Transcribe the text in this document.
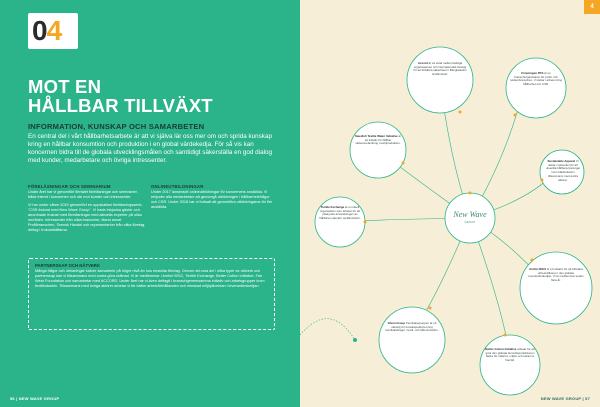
04
MOT EN
HÅLLBAR TILLVÄXT
INFORMATION, KUNSKAP OCH SAMARBETEN
En central del i vårt hållbarhetsarbete är att vi själva lär oss mer om och sprida kunskap kring en hållbar konsumtion och produktion i en global värdekedja. För så vis kan koncernen bidra till de globala utvecklingsmålen och samtidigt säkerställa en god dialog med kunder, medarbetare och övriga intressenter.
FÖRELÄSNINGAR OCH SEMINARIUM

Under året har vi genomfört flertalet föreläsningar och seminarier, både internt i koncernen och ute mot kunder och intressenter.

Vi har under våren 2019 genomfört en uppskattad föreläsningsserie, "CSR-frukost med New Wave Group". Vi hade inbjudna gäster och anordnade frukost med föreläsningar med aktuella experter på olika områden. Intressenter från olika branscher, bland annat Profilbranschen, Svensk Handel och representanter från olika företag, deltog i frukostträffarna.

ONLINEUTBILDNINGAR

Under 2017 lanserade onlineutbildningar för koncernens anställda. Vi erbjuder alla medarbetare att genomgå utbildningen i hållbarhetsfrågor och CSR. Under 2018 har vi fortsatt att genomföra utbildningarna för fler anställda.

PARTNERSKAP OCH NÄTVERK

Många frågor och utmaningar kräver samarbete på högre nivå än hos enskilda företag. Genom att vara del i olika typer av nätverk och partnerskap kan vi tillsammans med andra göra skillnad. Vi är medlemmar i Amfori BSCI, Textile Exchange, Better Cotton Initiative, Fair Wear Foundation och samarbetar med ACCORD. Under året har vi även deltagit i branschgemensamma initiativ och arbetsgrupper inom textilindustrin. Tillsammans med övriga aktörer arbetar vi för bättre arbetsförhållanden och minskad miljöpåverkan i leverantörskedjan.

56 | NEW WAVE GROUP
New Wave
GROUP
Accord är ett avtal mellan fackliga organisationer och internationella företag för att förbättra säkerheten i Bangladeshs textilindustri.	Föreningen PFS är en branschorganisation för profil- och reklambranschen. Vi deltar i arbete kring hållbarhet och CSR.
Sustainable Apparel Vi deltar i nätverket för att utveckla hållbara lösningar inom klädindustrin tillsammans med andra aktörer.
Swedish Textile Water Initiative är ett initiativ för hållbar vattenanvändning i textilproduktion.
Amfori BSCI är ett initiativ för att förbättra arbetsvillkoren i den globala leverantörskedjan. Vi är medlemmar sedan flera år.
Chem Group Kemikaliegruppen är ett nätverk för kunskapsutbyte kring kemikaliefrågor i textil- och läderindustrin.
Better Cotton Initiative arbetar för att göra den globala bomullsproduktionen bättre för odlarna, miljön och sektorns framtid.
Textile Exchange är en ideell organisation som arbetar för att påskynda användningen av hållbara material i textilindustrin.
4
NEW WAVE GROUP | 57
